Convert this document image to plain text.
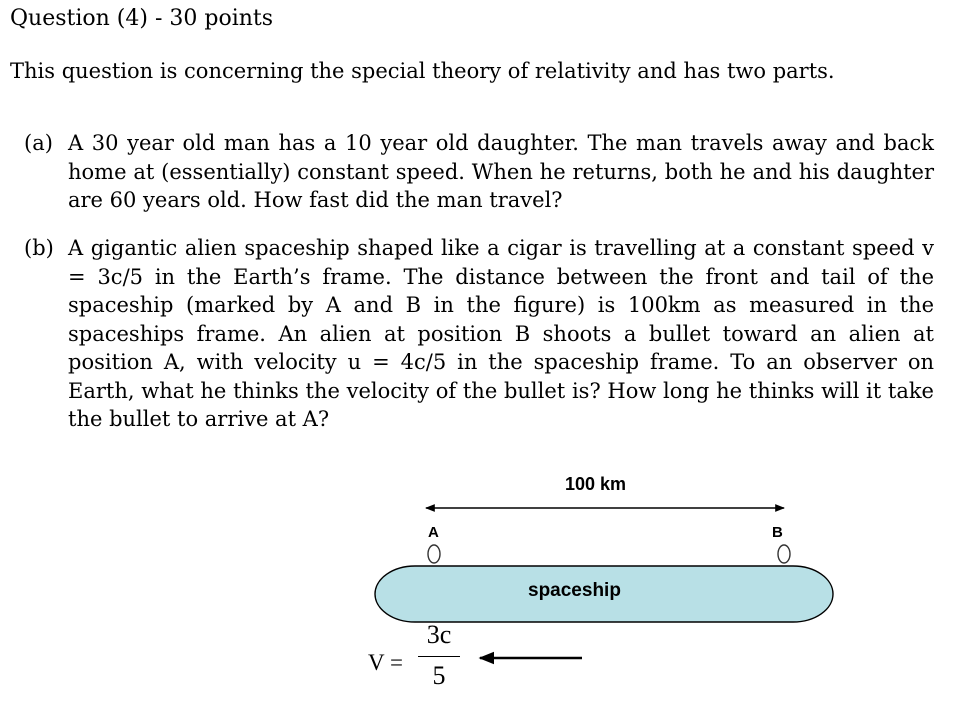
Question (4) - 30 points

This question is concerning the special theory of relativity and has two parts.

(a) A 30 year old man has a 10 year old daughter. The man travels away and back home at (essentially) constant speed. When he returns, both he and his daughter are 60 years old. How fast did the man travel?
(b) A gigantic alien spaceship shaped like a cigar is travelling at a constant speed v = 3c/5 in the Earth’s frame. The distance between the front and tail of the spaceship (marked by A and B in the figure) is 100km as measured in the spaceships frame. An alien at position B shoots a bullet toward an alien at position A, with velocity u = 4c/5 in the spaceship frame. To an observer on Earth, what he thinks the velocity of the bullet is? How long he thinks will it take the bullet to arrive at A?
100 km
A	B
spaceship
V =
3c
5
